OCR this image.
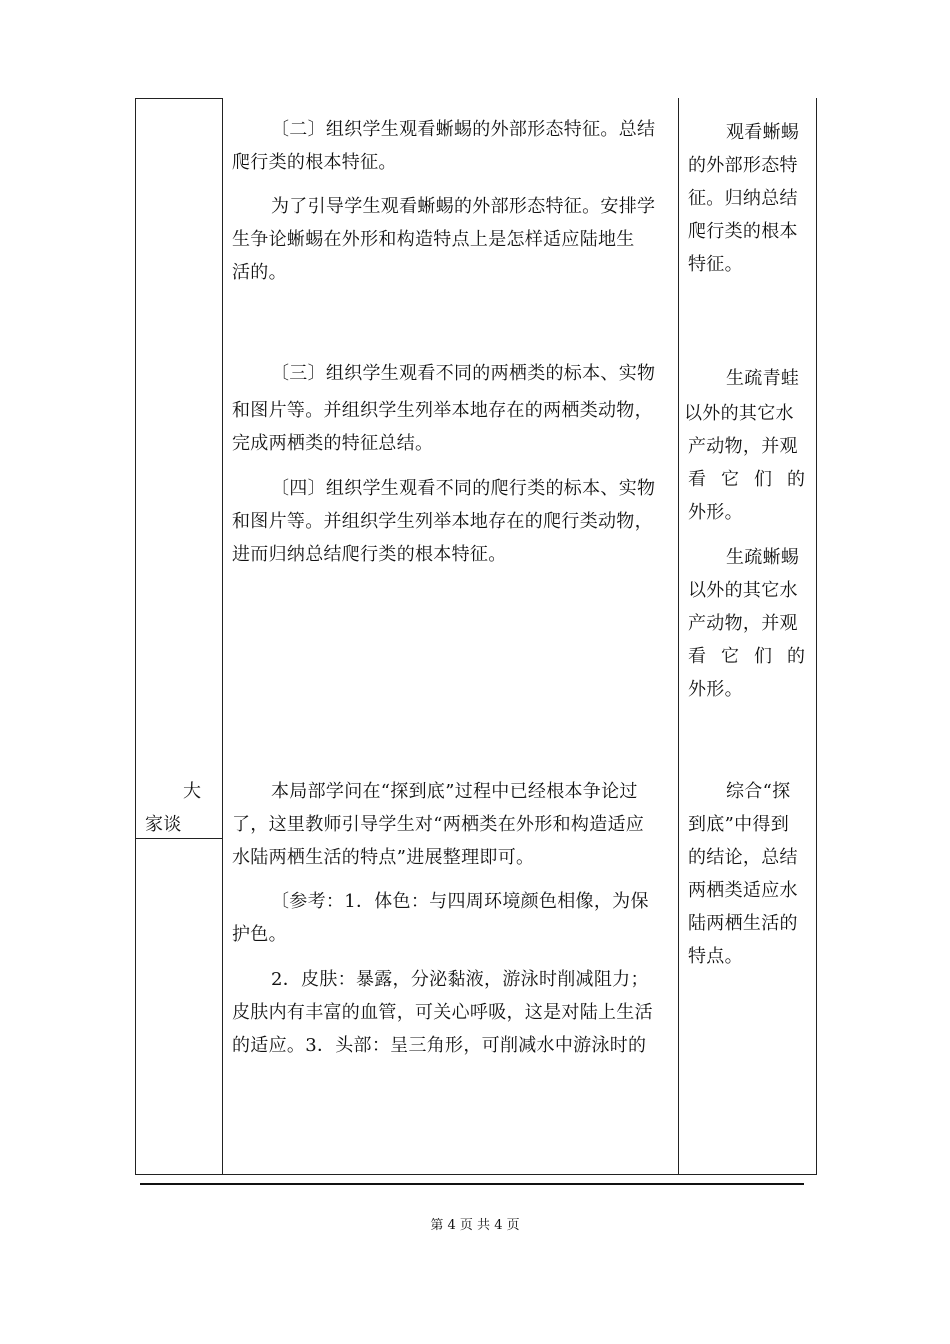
大

家谈

〔二〕组织学生观看蜥蜴的外部形态特征。总结

爬行类的根本特征。

为了引导学生观看蜥蜴的外部形态特征。安排学

生争论蜥蜴在外形和构造特点上是怎样适应陆地生

活的。

〔三〕组织学生观看不同的两栖类的标本、实物

和图片等。并组织学生列举本地存在的两栖类动物，

完成两栖类的特征总结。

〔四〕组织学生观看不同的爬行类的标本、实物

和图片等。并组织学生列举本地存在的爬行类动物，

进而归纳总结爬行类的根本特征。

本局部学问在“探到底”过程中已经根本争论过

了，这里教师引导学生对“两栖类在外形和构造适应

水陆两栖生活的特点”进展整理即可。

〔参考：1．体色：与四周环境颜色相像，为保

护色。

2．皮肤：暴露，分泌黏液，游泳时削减阻力；

皮肤内有丰富的血管，可关心呼吸，这是对陆上生活

的适应。3．头部：呈三角形，可削减水中游泳时的

观看蜥蜴

的外部形态特

征。归纳总结

爬行类的根本

特征。

生疏青蛙

以外的其它水

产动物，并观

看它们的

外形。

生疏蜥蜴

以外的其它水

产动物，并观

看它们的

外形。

综合“探

到底”中得到

的结论，总结

两栖类适应水

陆两栖生活的

特点。

第 4 页 共 4 页
